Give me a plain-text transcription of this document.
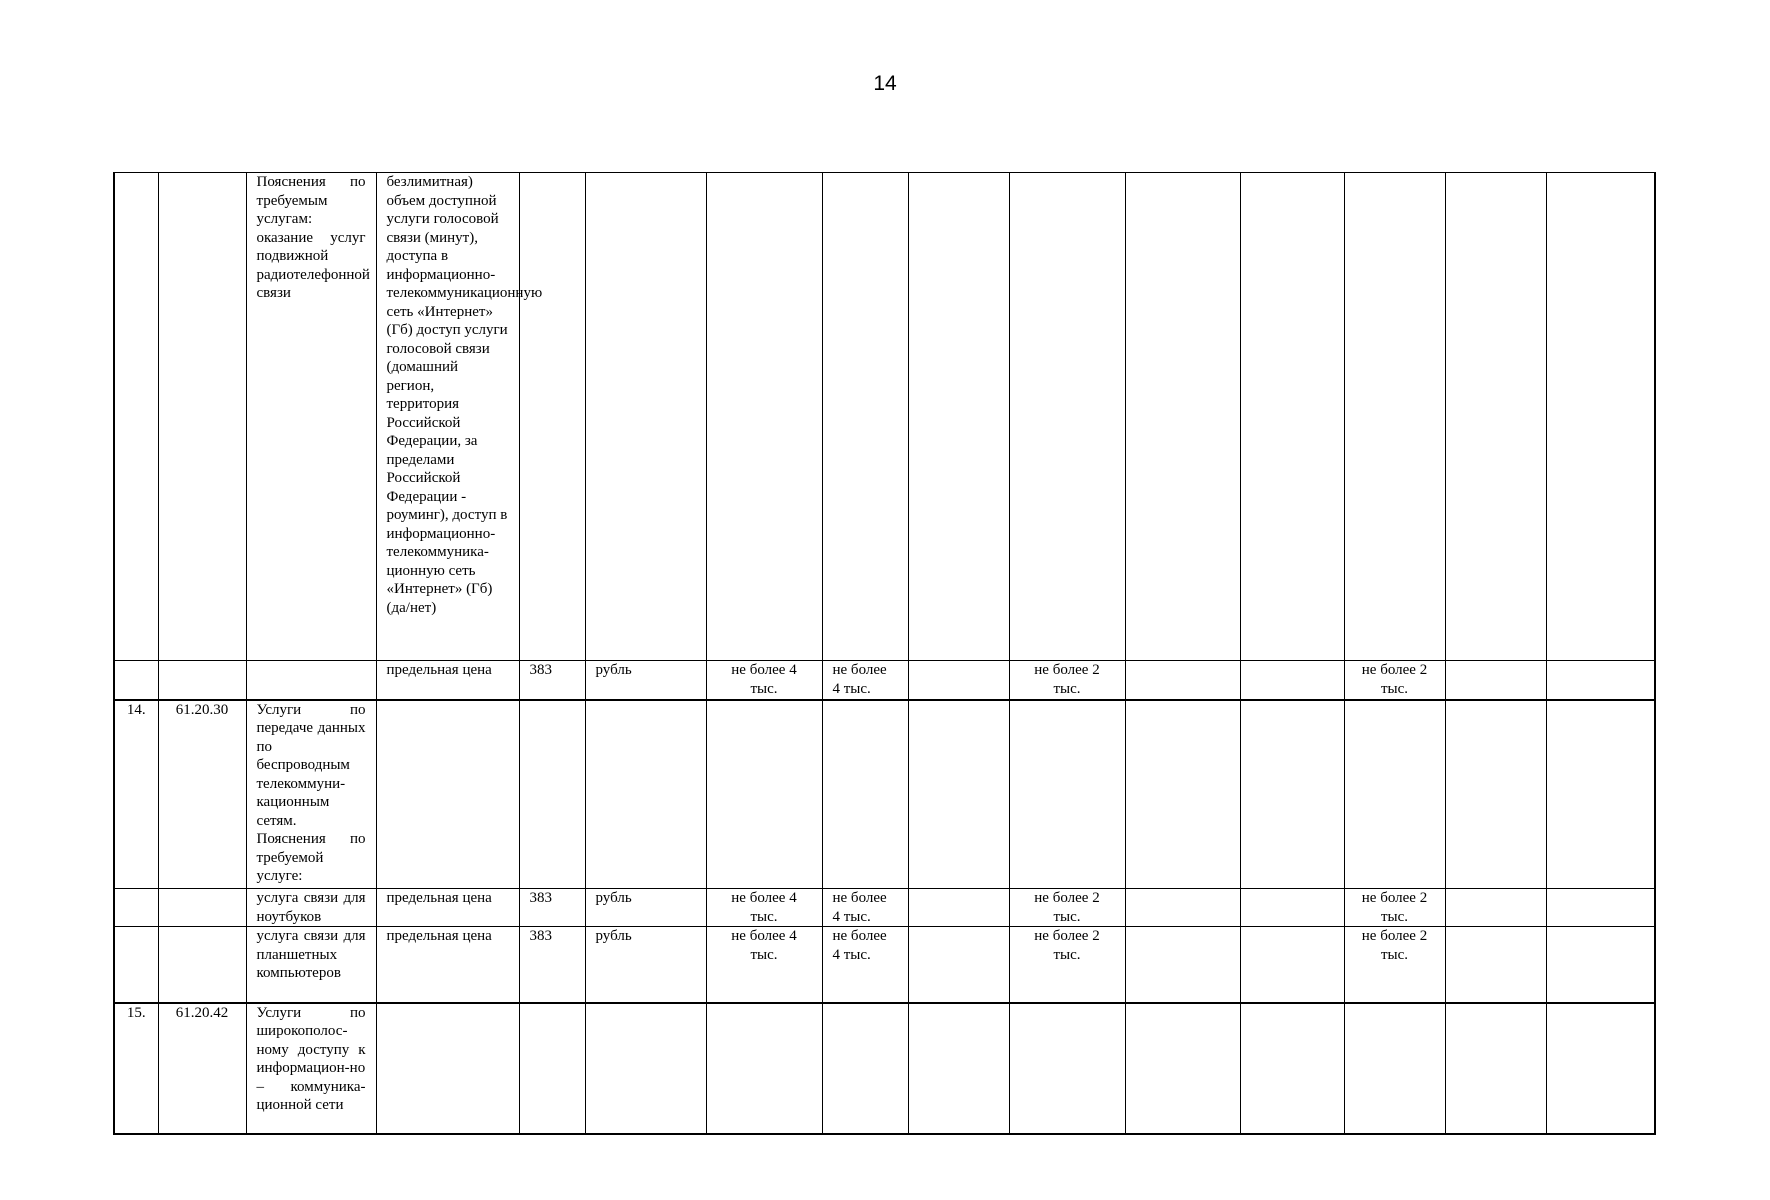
14
		Пояснения по требуемым услугам: оказание услуг подвижной радиотелефонной связи	безлимитная) объем доступной услуги голосовой связи (минут), доступа в информационно-телекоммуникационную сеть «Интернет» (Гб) доступ услуги голосовой связи (домашний регион, территория Российской Федерации, за пределами Российской Федерации - роуминг), доступ в информационно-телекоммуника-ционную сеть «Интернет» (Гб) (да/нет)											
			предельная цена	383	рубль	не более 4 тыс.	не более 4 тыс.		не более 2 тыс.			не более 2 тыс.		
14.	61.20.30	Услуги по передаче данных по беспроводным телекоммуни-кационным сетям. Пояснения по требуемой услуге:												
		услуга связи для ноутбуков	предельная цена	383	рубль	не более 4 тыс.	не более 4 тыс.		не более 2 тыс.			не более 2 тыс.		
		услуга связи для планшетных компьютеров	предельная цена	383	рубль	не более 4 тыс.	не более 4 тыс.		не более 2 тыс.			не более 2 тыс.		
15.	61.20.42	Услуги по широкополос-ному доступу к информацион-но – коммуника-ционной сети												
